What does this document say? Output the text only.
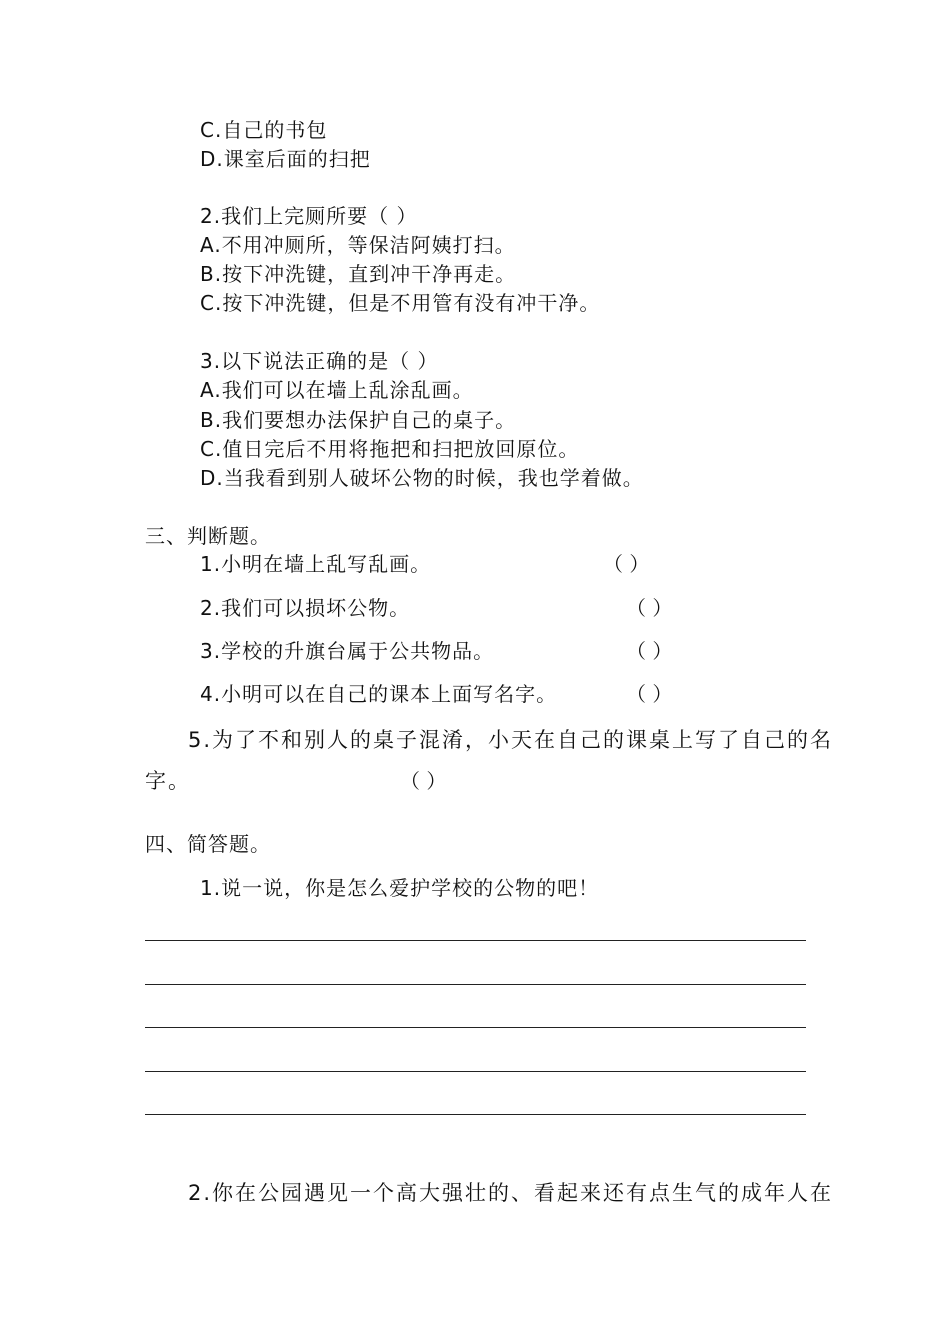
C.自己的书包
D.课室后面的扫把
2.我们上完厕所要（ ）
A.不用冲厕所，等保洁阿姨打扫。
B.按下冲洗键，直到冲干净再走。
C.按下冲洗键，但是不用管有没有冲干净。
3.以下说法正确的是（ ）
A.我们可以在墙上乱涂乱画。
B.我们要想办法保护自己的桌子。
C.值日完后不用将拖把和扫把放回原位。
D.当我看到别人破坏公物的时候，我也学着做。
三、判断题。
1.小明在墙上乱写乱画。	（ ）
2.我们可以损坏公物。	（ ）
3.学校的升旗台属于公共物品。	（ ）
4.小明可以在自己的课本上面写名字。	（ ）
5.为了不和别人的桌子混淆，小天在自己的课桌上写了自己的名
字。	（ ）
四、简答题。
1.说一说，你是怎么爱护学校的公物的吧！
2.你在公园遇见一个高大强壮的、看起来还有点生气的成年人在
